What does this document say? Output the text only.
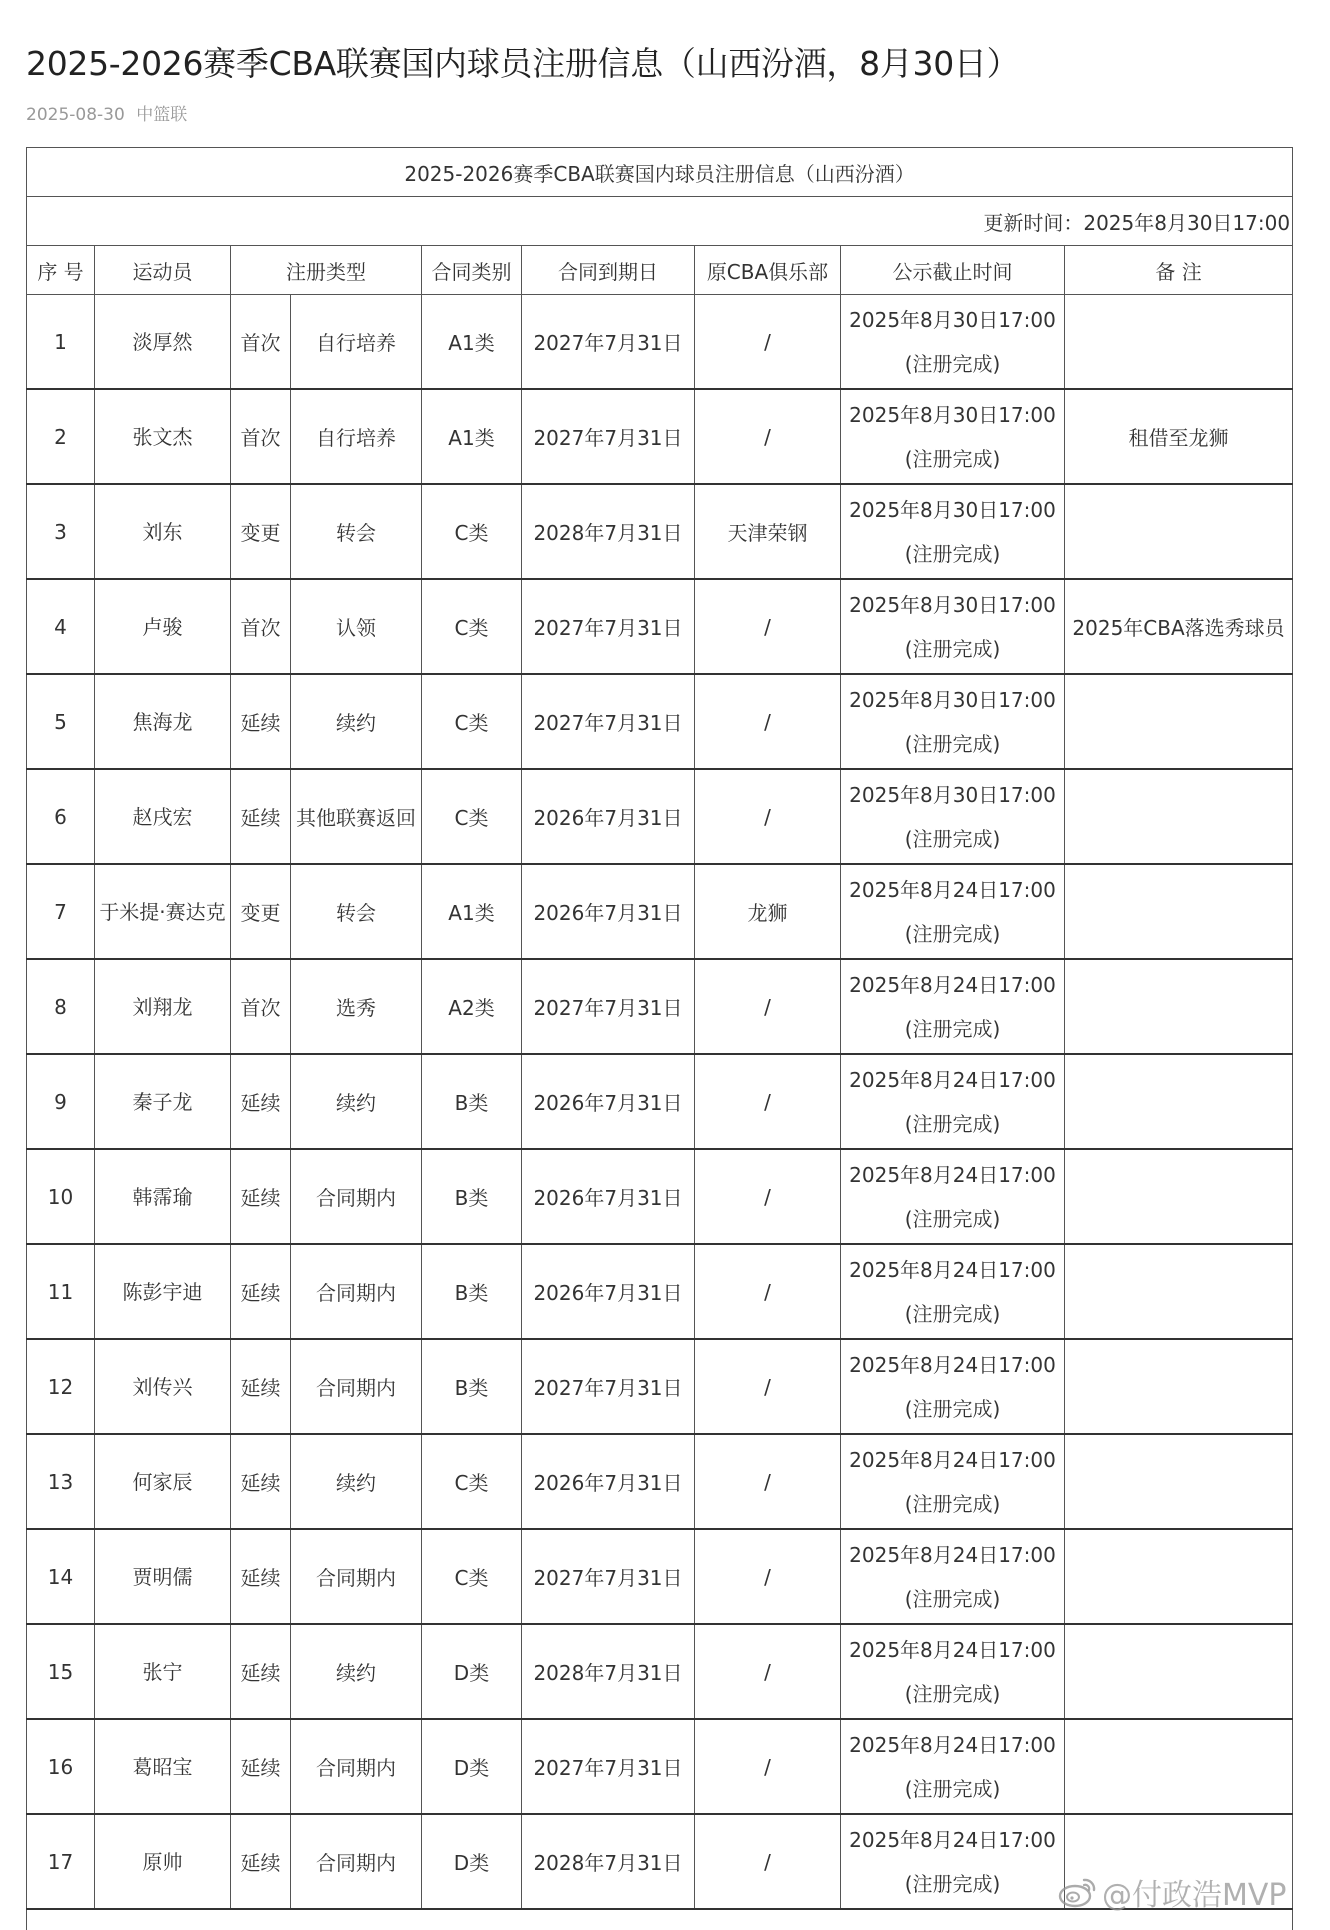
2025-2026赛季CBA联赛国内球员注册信息（山西汾酒，8月30日）
2025-08-30 中篮联
2025-2026赛季CBA联赛国内球员注册信息（山西汾酒）								
更新时间：2025年8月30日17:00								
序 号	运动员	注册类型		合同类别	合同到期日	原CBA俱乐部	公示截止时间	备 注
1	淡厚然	首次	自行培养	A1类	2027年7月31日	/	2025年8月30日17:00
(注册完成)	

2	张文杰	首次	自行培养	A1类	2027年7月31日	/	2025年8月30日17:00
(注册完成)	租借至龙狮
3	刘东	变更	转会	C类	2028年7月31日	天津荣钢	2025年8月30日17:00
(注册完成)	

4	卢骏	首次	认领	C类	2027年7月31日	/	2025年8月30日17:00
(注册完成)	2025年CBA落选秀球员
5	焦海龙	延续	续约	C类	2027年7月31日	/	2025年8月30日17:00
(注册完成)	

6	赵戌宏	延续	其他联赛返回	C类	2026年7月31日	/	2025年8月30日17:00
(注册完成)	

7	于米提·赛达克	变更	转会	A1类	2026年7月31日	龙狮	2025年8月24日17:00
(注册完成)	

8	刘翔龙	首次	选秀	A2类	2027年7月31日	/	2025年8月24日17:00
(注册完成)	

9	秦子龙	延续	续约	B类	2026年7月31日	/	2025年8月24日17:00
(注册完成)	

10	韩霈瑜	延续	合同期内	B类	2026年7月31日	/	2025年8月24日17:00
(注册完成)	

11	陈彭宇迪	延续	合同期内	B类	2026年7月31日	/	2025年8月24日17:00
(注册完成)	

12	刘传兴	延续	合同期内	B类	2027年7月31日	/	2025年8月24日17:00
(注册完成)	

13	何家辰	延续	续约	C类	2026年7月31日	/	2025年8月24日17:00
(注册完成)	

14	贾明儒	延续	合同期内	C类	2027年7月31日	/	2025年8月24日17:00
(注册完成)	

15	张宁	延续	续约	D类	2028年7月31日	/	2025年8月24日17:00
(注册完成)	

16	葛昭宝	延续	合同期内	D类	2027年7月31日	/	2025年8月24日17:00
(注册完成)	

17	原帅	延续	合同期内	D类	2028年7月31日	/	2025年8月24日17:00
(注册完成)	
		@付政浩MVP
